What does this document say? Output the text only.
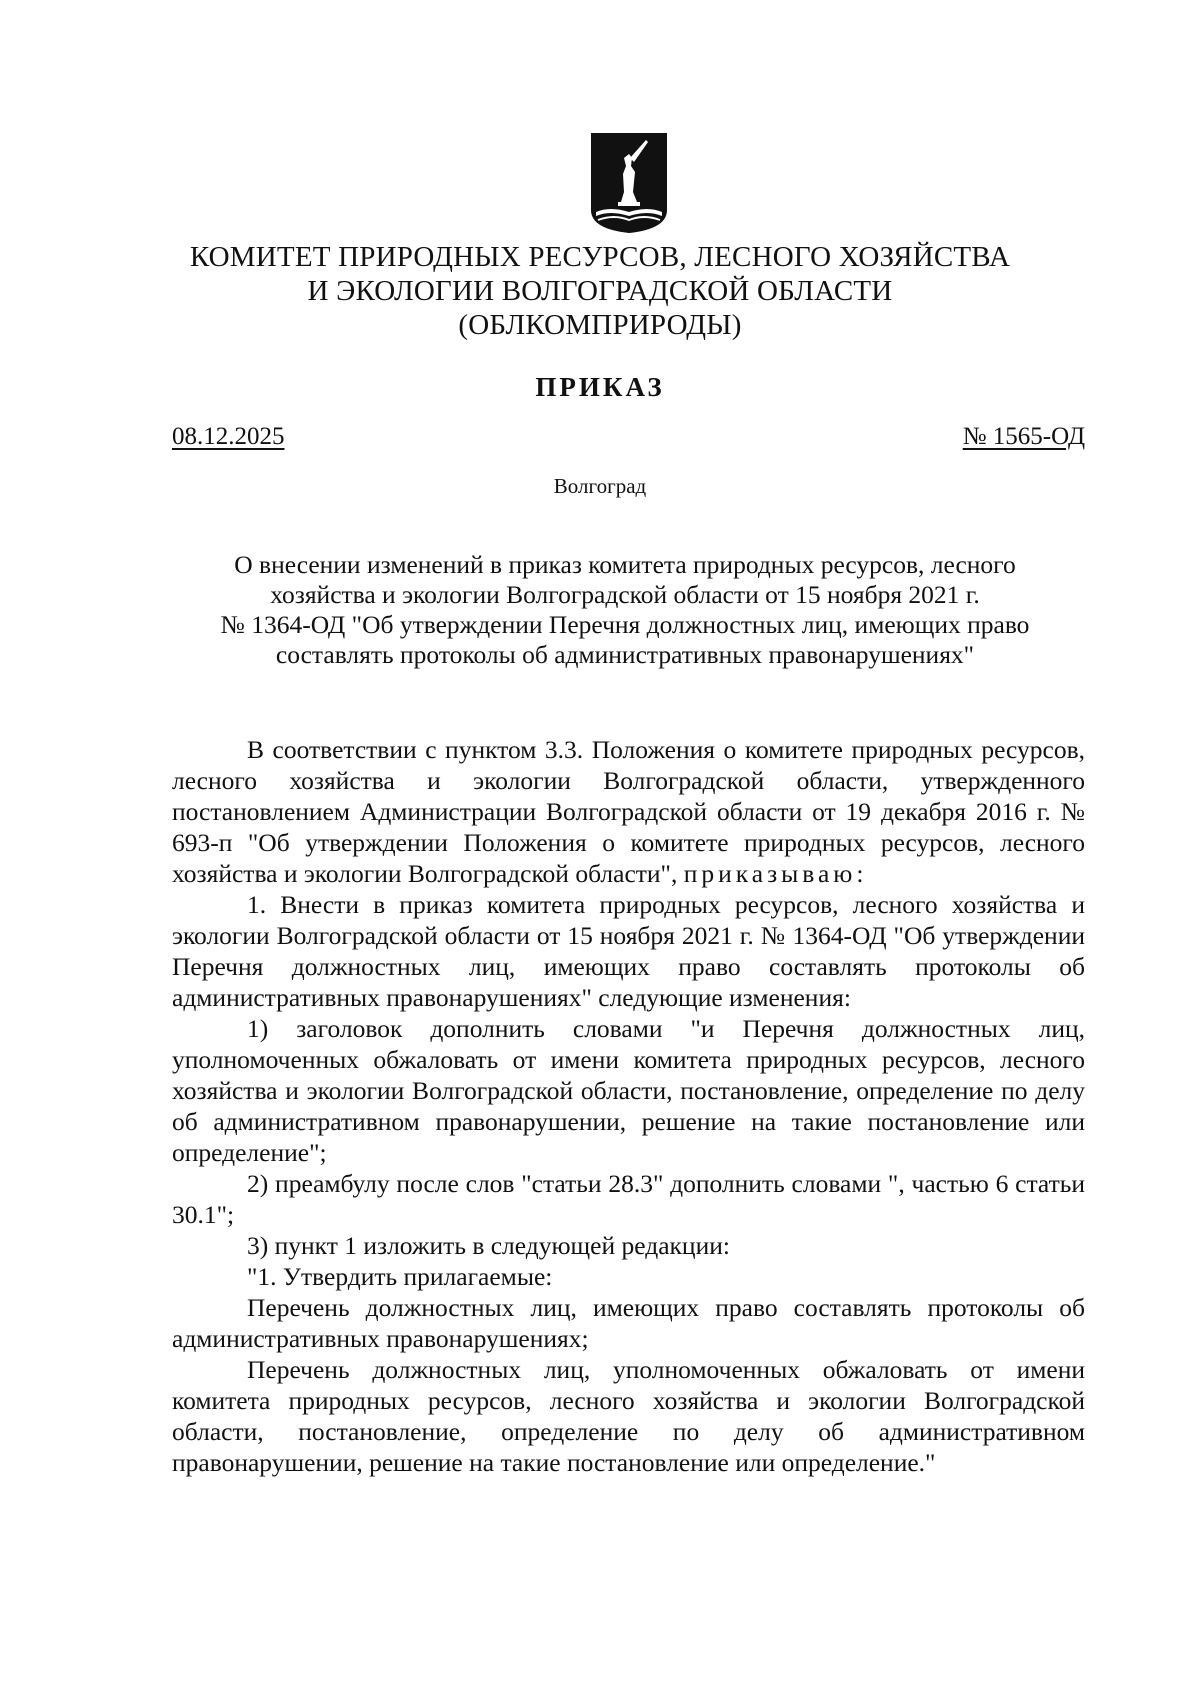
КОМИТЕТ ПРИРОДНЫХ РЕСУРСОВ, ЛЕСНОГО ХОЗЯЙСТВА
И ЭКОЛОГИИ ВОЛГОГРАДСКОЙ ОБЛАСТИ
(ОБЛКОМПРИРОДЫ)
ПРИКАЗ
08.12.2025	№ 1565-ОД
Волгоград
О внесении изменений в приказ комитета природных ресурсов, лесного
хозяйства и экологии Волгоградской области от 15 ноября 2021 г.
№ 1364-ОД "Об утверждении Перечня должностных лиц, имеющих право
составлять протоколы об административных правонарушениях"

В соответствии с пунктом 3.3. Положения о комитете природных ресурсов, лесного хозяйства и экологии Волгоградской области, утвержденного постановлением Администрации Волгоградской области от 19 декабря 2016 г. № 693-п "Об утверждении Положения о комитете природных ресурсов, лесного хозяйства и экологии Волгоградской области", приказываю:

1. Внести в приказ комитета природных ресурсов, лесного хозяйства и экологии Волгоградской области от 15 ноября 2021 г. № 1364-ОД "Об утверждении Перечня должностных лиц, имеющих право составлять протоколы об административных правонарушениях" следующие изменения:

1) заголовок дополнить словами "и Перечня должностных лиц, уполномоченных обжаловать от имени комитета природных ресурсов, лесного хозяйства и экологии Волгоградской области, постановление, определение по делу об административном правонарушении, решение на такие постановление или определение";

2) преамбулу после слов "статьи 28.3" дополнить словами ", частью 6 статьи 30.1";

3) пункт 1 изложить в следующей редакции:

"1. Утвердить прилагаемые:

Перечень должностных лиц, имеющих право составлять протоколы об административных правонарушениях;

Перечень должностных лиц, уполномоченных обжаловать от имени комитета природных ресурсов, лесного хозяйства и экологии Волгоградской области, постановление, определение по делу об административном правонарушении, решение на такие постановление или определение."
